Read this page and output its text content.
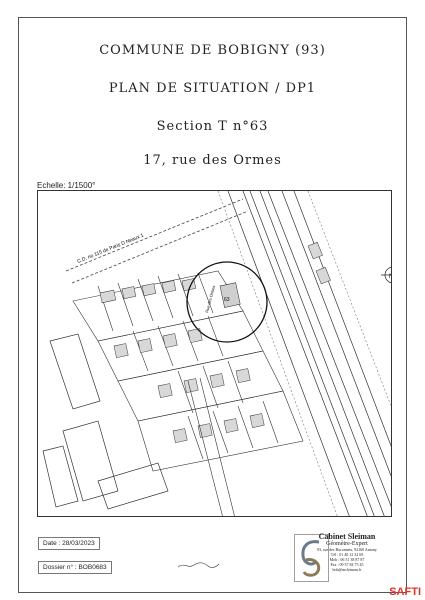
COMMUNE DE BOBIGNY (93)
PLAN DE SITUATION / DP1
Section T n°63
17, rue des Ormes
Echelle: 1/1500°
C.D. no 115 de Paris D Neaux 1
63
Rue des Ormes
N
Date : 28/03/2023
Dossier n° : BOB0683
Cabinet Sleiman
Géomètre-Expert
93, rue des Baconnets, 92160 Antony
Tél : 01 40 12 32 69
Mob : 06 51 38 87 87
Fax : 09 57 84 75 45
bob@mcleiman.fr
SAFTI
